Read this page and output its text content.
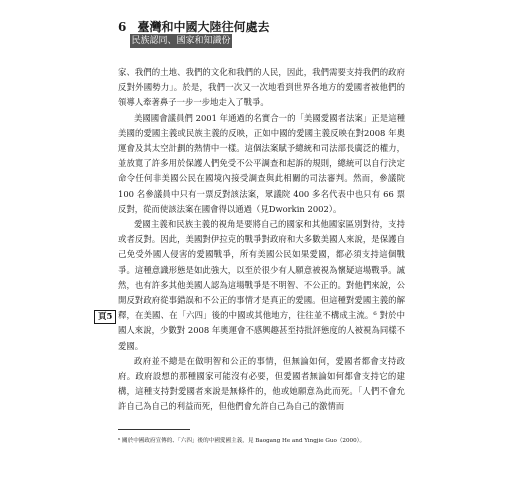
6 臺灣和中國大陸往何處去
民族認同、國家和知識份子

家、我們的土地、我們的文化和我們的人民，因此，我們需要支持我們的政府反對外國勢力」。於是，我們一次又一次地看到世界各地方的愛國者被他們的領導人牽著鼻子一步一步地走入了戰爭。

美國國會議員們 2001 年通過的名實合一的「美國愛國者法案」正是這種美國的愛國主義或民族主義的反映，正如中國的愛國主義反映在對2008 年奧運會及其太空計劃的熱情中一樣。這個法案賦予總統和司法部長廣泛的權力，並放寬了許多用於保護人們免受不公平調查和起訴的規則，總統可以自行決定命令任何非美國公民在國境內接受調查與此相關的司法審判。然而，參議院 100 名參議員中只有一票反對該法案，眾議院 400 多名代表中也只有 66 票反對，從而使該法案在國會得以通過（見Dworkin 2002）。

愛國主義和民族主義的視角是要將自己的國家和其他國家區別對待，支持或者反對。因此，美國對伊拉克的戰爭對政府和大多數美國人來說，是保護自己免受外國人侵害的愛國戰爭，所有美國公民如果愛國，都必須支持這個戰爭。這種意識形態是如此強大，以至於很少有人願意被視為懷疑這場戰爭。誠然，也有許多其他美國人認為這場戰爭是不明智、不公正的。對他們來說，公開反對政府從事錯誤和不公正的事情才是真正的愛國。但這種對愛國主義的解釋，在美國、在「六四」後的中國或其他地方，往往並不構成主流。⁶ 對於中國人來說，少數對 2008 年奧運會不感興趣甚至持批評態度的人被視為同樣不愛國。

政府並不總是在做明智和公正的事情，但無論如何，愛國者都會支持政府。政府設想的那種國家可能沒有必要，但愛國者無論如何都會支持它的建構，這種支持對愛國者來說是無條件的，他或她願意為此而死。「人們不會允許自己為自己的利益而死，但他們會允許自己為自己的激情而

頁5
⁶ 關於中國政府宣傳的、「六四」後的中國愛國主義，見 Baogang He and Yingjie Guo（2000）。
